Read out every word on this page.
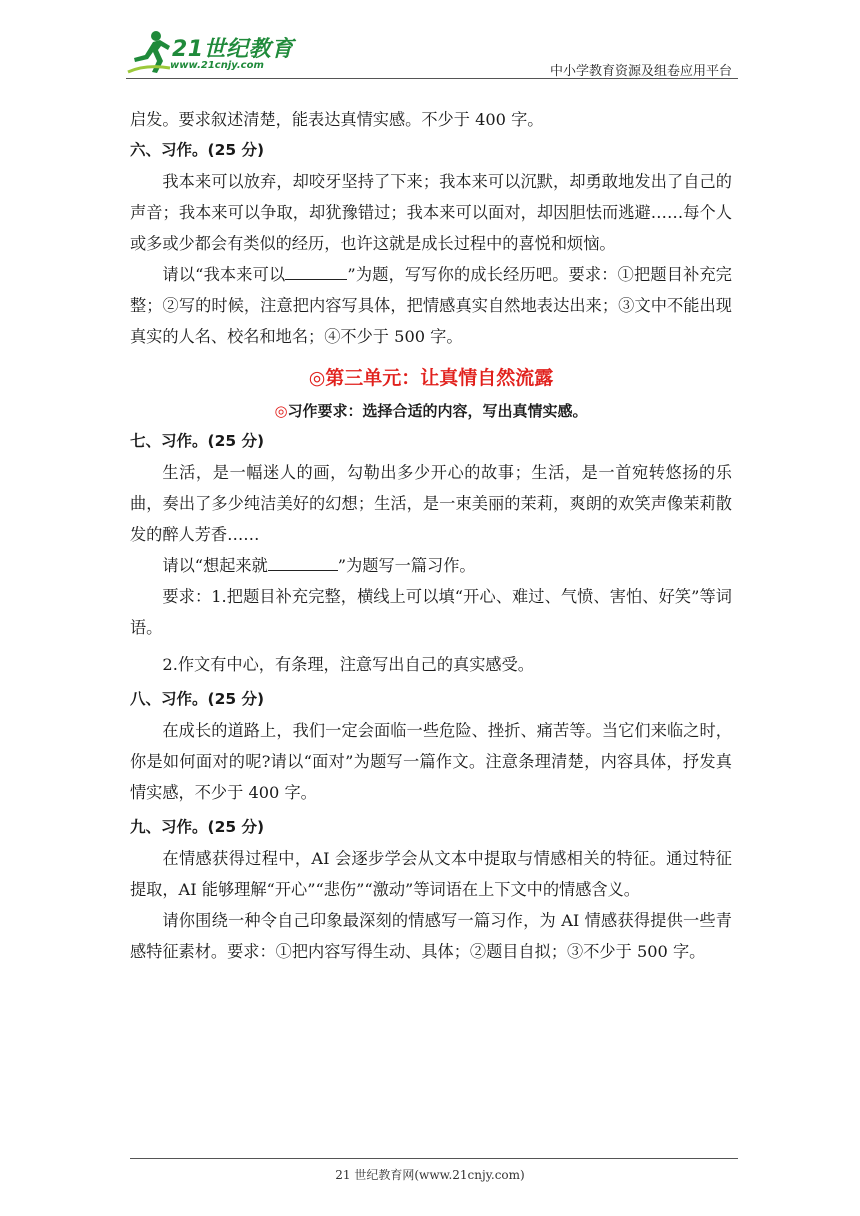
21世纪教育
www.21cnjy.com	中小学教育资源及组卷应用平台

启发。要求叙述清楚，能表达真情实感。不少于 400 字。

六、习作。(25 分)

我本来可以放弃，却咬牙坚持了下来；我本来可以沉默，却勇敢地发出了自己的声音；我本来可以争取，却犹豫错过；我本来可以面对，却因胆怯而逃避……每个人或多或少都会有类似的经历，也许这就是成长过程中的喜悦和烦恼。

请以“我本来可以	”为题，写写你的成长经历吧。要求：①把题目补充完整；②写的时候，注意把内容写具体，把情感真实自然地表达出来；③文中不能出现真实的人名、校名和地名；④不少于 500 字。

◎第三单元：让真情自然流露

◎习作要求：选择合适的内容，写出真情实感。

七、习作。(25 分)

生活，是一幅迷人的画，勾勒出多少开心的故事；生活，是一首宛转悠扬的乐曲，奏出了多少纯洁美好的幻想；生活，是一束美丽的茉莉，爽朗的欢笑声像茉莉散发的醉人芳香……

请以“想起来就	”为题写一篇习作。

要求：1.把题目补充完整，横线上可以填“开心、难过、气愤、害怕、好笑”等词语。

2.作文有中心，有条理，注意写出自己的真实感受。

八、习作。(25 分)

在成长的道路上，我们一定会面临一些危险、挫折、痛苦等。当它们来临之时，你是如何面对的呢?请以“面对”为题写一篇作文。注意条理清楚，内容具体，抒发真情实感，不少于 400 字。

九、习作。(25 分)

在情感获得过程中，AI 会逐步学会从文本中提取与情感相关的特征。通过特征提取，AI 能够理解“开心”“悲伤”“激动”等词语在上下文中的情感含义。

请你围绕一种令自己印象最深刻的情感写一篇习作，为 AI 情感获得提供一些青感特征素材。要求：①把内容写得生动、具体；②题目自拟；③不少于 500 字。

21 世纪教育网(www.21cnjy.com)
